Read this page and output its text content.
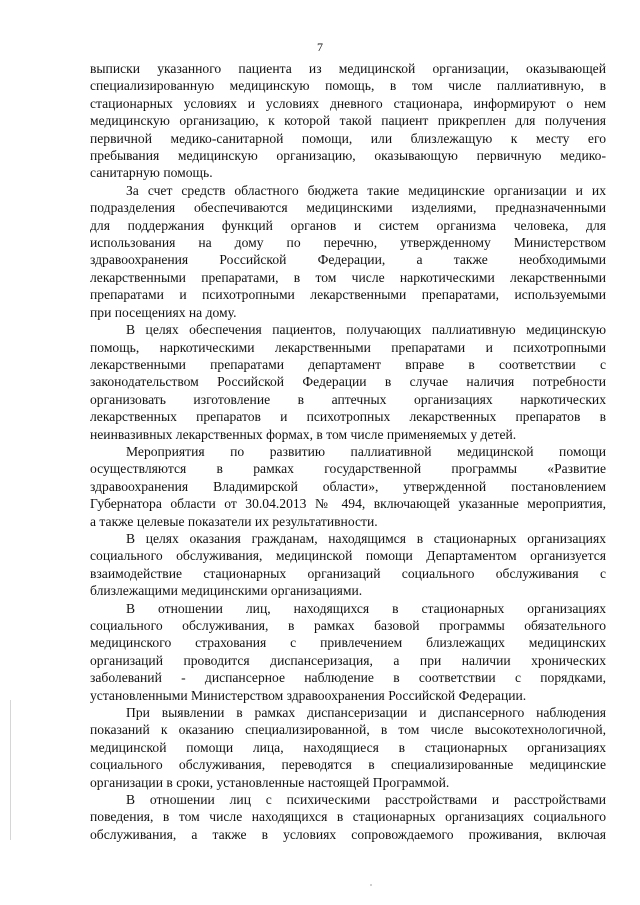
7
выписки указанного пациента из медицинской организации, оказывающей
специализированную медицинскую помощь, в том числе паллиативную, в
стационарных условиях и условиях дневного стационара, информируют о нем
медицинскую организацию, к которой такой пациент прикреплен для получения
первичной медико-санитарной помощи, или близлежащую к месту его
пребывания медицинскую организацию, оказывающую первичную медико-
санитарную помощь.
За счет средств областного бюджета такие медицинские организации и их
подразделения обеспечиваются медицинскими изделиями, предназначенными
для поддержания функций органов и систем организма человека, для
использования на дому по перечню, утвержденному Министерством
здравоохранения Российской Федерации, а также необходимыми
лекарственными препаратами, в том числе наркотическими лекарственными
препаратами и психотропными лекарственными препаратами, используемыми
при посещениях на дому.
В целях обеспечения пациентов, получающих паллиативную медицинскую
помощь, наркотическими лекарственными препаратами и психотропными
лекарственными препаратами департамент вправе в соответствии с
законодательством Российской Федерации в случае наличия потребности
организовать изготовление в аптечных организациях наркотических
лекарственных препаратов и психотропных лекарственных препаратов в
неинвазивных лекарственных формах, в том числе применяемых у детей.
Мероприятия по развитию паллиативной медицинской помощи
осуществляются в рамках государственной программы «Развитие
здравоохранения Владимирской области», утвержденной постановлением
Губернатора области от 30.04.2013 № 494, включающей указанные мероприятия,
а также целевые показатели их результативности.
В целях оказания гражданам, находящимся в стационарных организациях
социального обслуживания, медицинской помощи Департаментом организуется
взаимодействие стационарных организаций социального обслуживания с
близлежащими медицинскими организациями.
В отношении лиц, находящихся в стационарных организациях
социального обслуживания, в рамках базовой программы обязательного
медицинского страхования с привлечением близлежащих медицинских
организаций проводится диспансеризация, а при наличии хронических
заболеваний - диспансерное наблюдение в соответствии с порядками,
установленными Министерством здравоохранения Российской Федерации.
При выявлении в рамках диспансеризации и диспансерного наблюдения
показаний к оказанию специализированной, в том числе высокотехнологичной,
медицинской помощи лица, находящиеся в стационарных организациях
социального обслуживания, переводятся в специализированные медицинские
организации в сроки, установленные настоящей Программой.
В отношении лиц с психическими расстройствами и расстройствами
поведения, в том числе находящихся в стационарных организациях социального
обслуживания, а также в условиях сопровождаемого проживания, включая
